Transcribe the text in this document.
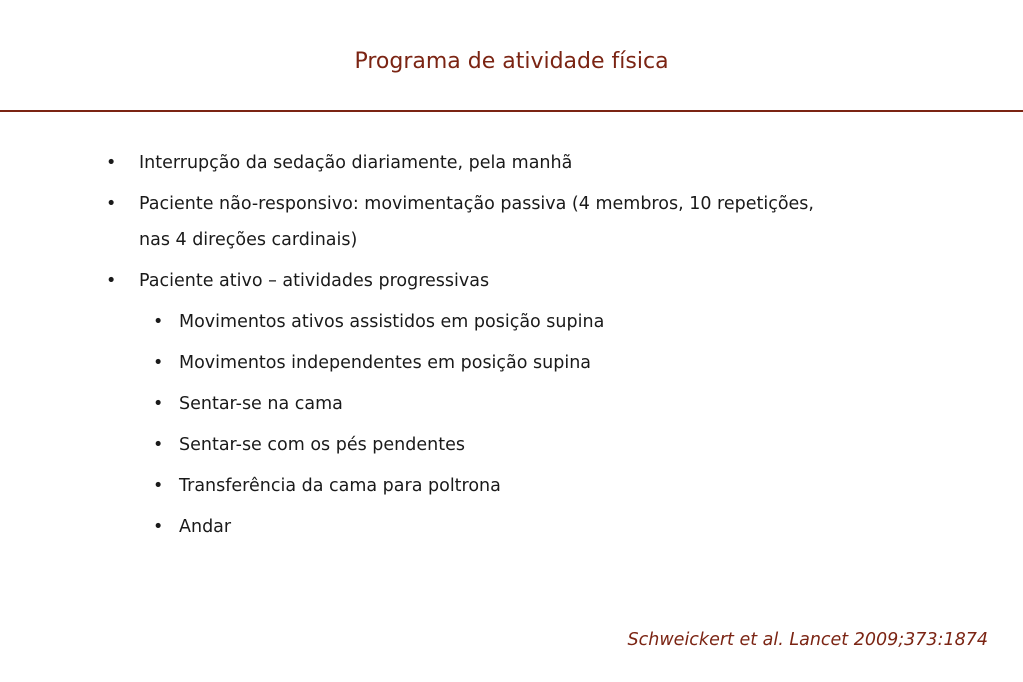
Programa de atividade física
• Interrupção da sedação diariamente, pela manhã
• Paciente não-responsivo: movimentação passiva (4 membros, 10 repetições, nas 4 direções cardinais)
• Paciente ativo – atividades progressivas
• Movimentos ativos assistidos em posição supina
• Movimentos independentes em posição supina
• Sentar-se na cama
• Sentar-se com os pés pendentes
• Transferência da cama para poltrona
• Andar
Schweickert et al. Lancet 2009;373:1874
